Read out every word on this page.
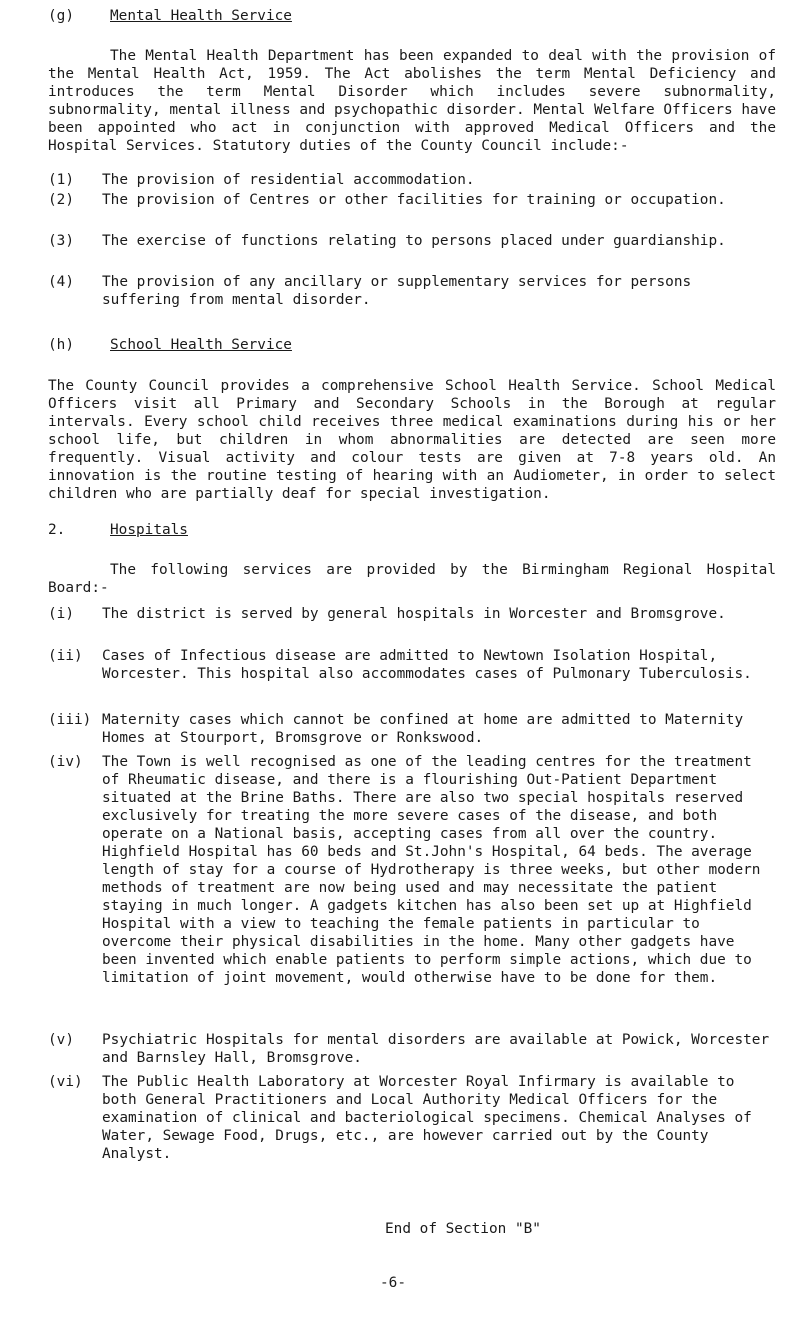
(g)	Mental Health Service
The Mental Health Department has been expanded to deal with the provision of the Mental Health Act, 1959. The Act abolishes the term Mental Deficiency and introduces the term Mental Disorder which includes severe subnormality, subnormality, mental illness and psychopathic disorder. Mental Welfare Officers have been appointed who act in conjunction with approved Medical Officers and the Hospital Services. Statutory duties of the County Council include:-
(1) The provision of residential accommodation.
(2) The provision of Centres or other facilities for training or occupation.
(3) The exercise of functions relating to persons placed under guardianship.
(4) The provision of any ancillary or supplementary services for persons suffering from mental disorder.
(h)	School Health Service
The County Council provides a comprehensive School Health Service. School Medical Officers visit all Primary and Secondary Schools in the Borough at regular intervals. Every school child receives three medical examinations during his or her school life, but children in whom abnormalities are detected are seen more frequently. Visual activity and colour tests are given at 7-8 years old. An innovation is the routine testing of hearing with an Audiometer, in order to select children who are partially deaf for special investigation.
2.	Hospitals
The following services are provided by the Birmingham Regional Hospital Board:-
(i) The district is served by general hospitals in Worcester and Bromsgrove.
(ii) Cases of Infectious disease are admitted to Newtown Isolation Hospital, Worcester. This hospital also accommodates cases of Pulmonary Tuberculosis.
(iii) Maternity cases which cannot be confined at home are admitted to Maternity Homes at Stourport, Bromsgrove or Ronkswood.
(iv) The Town is well recognised as one of the leading centres for the treatment of Rheumatic disease, and there is a flourishing Out-Patient Department situated at the Brine Baths. There are also two special hospitals reserved exclusively for treating the more severe cases of the disease, and both operate on a National basis, accepting cases from all over the country. Highfield Hospital has 60 beds and St.John's Hospital, 64 beds. The average length of stay for a course of Hydrotherapy is three weeks, but other modern methods of treatment are now being used and may necessitate the patient staying in much longer. A gadgets kitchen has also been set up at Highfield Hospital with a view to teaching the female patients in particular to overcome their physical disabilities in the home. Many other gadgets have been invented which enable patients to perform simple actions, which due to limitation of joint movement, would otherwise have to be done for them.
(v) Psychiatric Hospitals for mental disorders are available at Powick, Worcester and Barnsley Hall, Bromsgrove.
(vi) The Public Health Laboratory at Worcester Royal Infirmary is available to both General Practitioners and Local Authority Medical Officers for the examination of clinical and bacteriological specimens. Chemical Analyses of Water, Sewage Food, Drugs, etc., are however carried out by the County Analyst.
End of Section "B"
-6-
